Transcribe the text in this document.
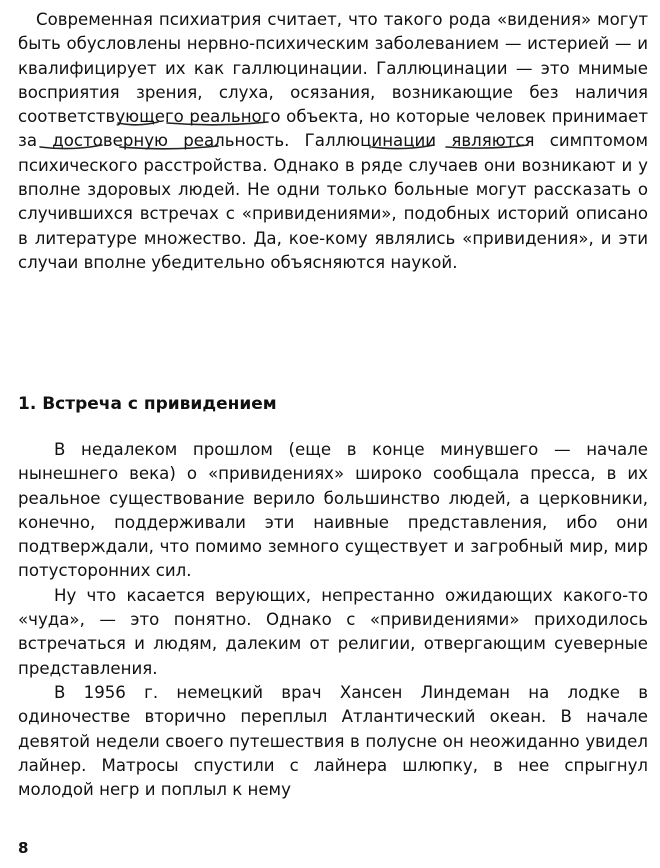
Современная психиатрия считает, что такого рода «видения» могут быть обусловлены нервно-психическим заболеванием — истерией — и квалифицирует их как галлюцинации. Галлюцинации — это мнимые восприятия зрения, слуха, осязания, возникающие без наличия соответствующего реального объекта, но которые человек принимает за достоверную реальность. Галлюцинации являются симптомом психического расстройства. Однако в ряде случаев они возникают и у вполне здоровых людей. Не одни только больные могут рассказать о случившихся встречах с «привидениями», подобных историй описано в литературе множество. Да, кое-кому являлись «привидения», и эти случаи вполне убедительно объясняются наукой.

1. Встреча с привидением

В недалеком прошлом (еще в конце минувшего — начале нынешнего века) о «привидениях» широко сообщала пресса, в их реальное существование верило большинство людей, а церковники, конечно, поддерживали эти наивные представления, ибо они подтверждали, что помимо земного существует и загробный мир, мир потусторонних сил.

Ну что касается верующих, непрестанно ожидающих какого-то «чуда», — это понятно. Однако с «привидениями» приходилось встречаться и людям, далеким от религии, отвергающим суеверные представления.

В 1956 г. немецкий врач Хансен Линдеман на лодке в одиночестве вторично переплыл Атлантический океан. В начале девятой недели своего путешествия в полусне он неожиданно увидел лайнер. Матросы спустили с лайнера шлюпку, в нее спрыгнул молодой негр и поплыл к нему

8
